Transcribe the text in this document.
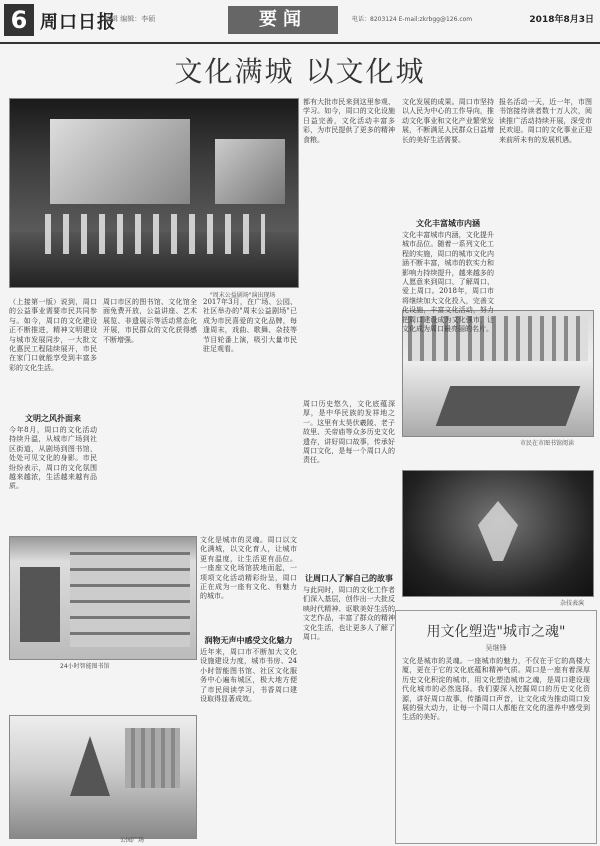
6 周口日报
编辑 编辑：李硕	要闻	电话：8203124 E-mail:zkrbgg@126.com	2018年8月3日
文化满城 以文化城
"周末公益剧场"演出现场
24小时智能图书馆
公园广场
市民在市图书馆阅读
杂技表演
（上接第一版）说到，周口的公益事业需要市民共同参与。如今，周口的文化建设正不断推进，精神文明建设与城市发展同步，一大批文化惠民工程陆续展开，市民在家门口就能享受到丰富多彩的文化生活。
文明之风扑面来
今年8月，周口的文化活动持续升温，从城市广场到社区街道，从剧场到图书馆，处处可见文化的身影。市民纷纷表示，周口的文化氛围越来越浓，生活越来越有品质。
周口市区的图书馆、文化馆全面免费开放，公益讲座、艺术展览、非遗展示等活动常态化开展，市民群众的文化获得感不断增强。
文化是城市的灵魂。周口以文化满城，以文化育人，让城市更有温度，让生活更有品位。一座座文化场馆拔地而起，一项项文化活动精彩纷呈，周口正在成为一座有文化、有魅力的城市。
润物无声中感受文化魅力
近年来，周口市不断加大文化设施建设力度，城市书房、24小时智能图书馆、社区文化服务中心遍布城区，极大地方便了市民阅读学习，书香周口建设取得显著成效。
2017年3月，在广场、公园、社区举办的"周末公益剧场"已成为市民喜爱的文化品牌，每逢周末，戏曲、歌舞、杂技等节目轮番上演，吸引大量市民驻足观看。
都有大批市民来到这里参观、学习。如今，周口的文化设施日益完善，文化活动丰富多彩，为市民提供了更多的精神食粮。
周口历史悠久，文化底蕴深厚，是中华民族的发祥地之一。这里有太昊伏羲陵、老子故里、关帝庙等众多历史文化遗存，讲好周口故事，传承好周口文化，是每一个周口人的责任。
让周口人了解自己的故事
与此同时，周口的文化工作者们深入基层，创作出一大批反映时代精神、讴歌美好生活的文艺作品，丰富了群众的精神文化生活，也让更多人了解了周口。
文化发展的成果。周口市坚持以人民为中心的工作导向，推动文化事业和文化产业繁荣发展，不断满足人民群众日益增长的美好生活需要。
文化丰富城市内涵
文化丰富城市内涵，文化提升城市品位。随着一系列文化工程的实施，周口的城市文化内涵不断丰富，城市的软实力和影响力持续提升，越来越多的人愿意来到周口、了解周口、爱上周口。2018年，周口市将继续加大文化投入，完善文化设施，丰富文化活动，努力把周口建设成为文化强市，让文化成为周口最亮丽的名片。
报名活动一天，近一年，市图书馆接待读者数十万人次，阅读推广活动持续开展，深受市民欢迎。周口的文化事业正迎来前所未有的发展机遇。
用文化塑造"城市之魂"
吴继锋
文化是城市的灵魂。一座城市的魅力，不仅在于它的高楼大厦，更在于它的文化底蕴和精神气质。周口是一座有着深厚历史文化积淀的城市，用文化塑造城市之魂，是周口建设现代化城市的必然选择。我们要深入挖掘周口的历史文化资源，讲好周口故事，传播周口声音，让文化成为推动周口发展的强大动力，让每一个周口人都能在文化的滋养中感受到生活的美好。
